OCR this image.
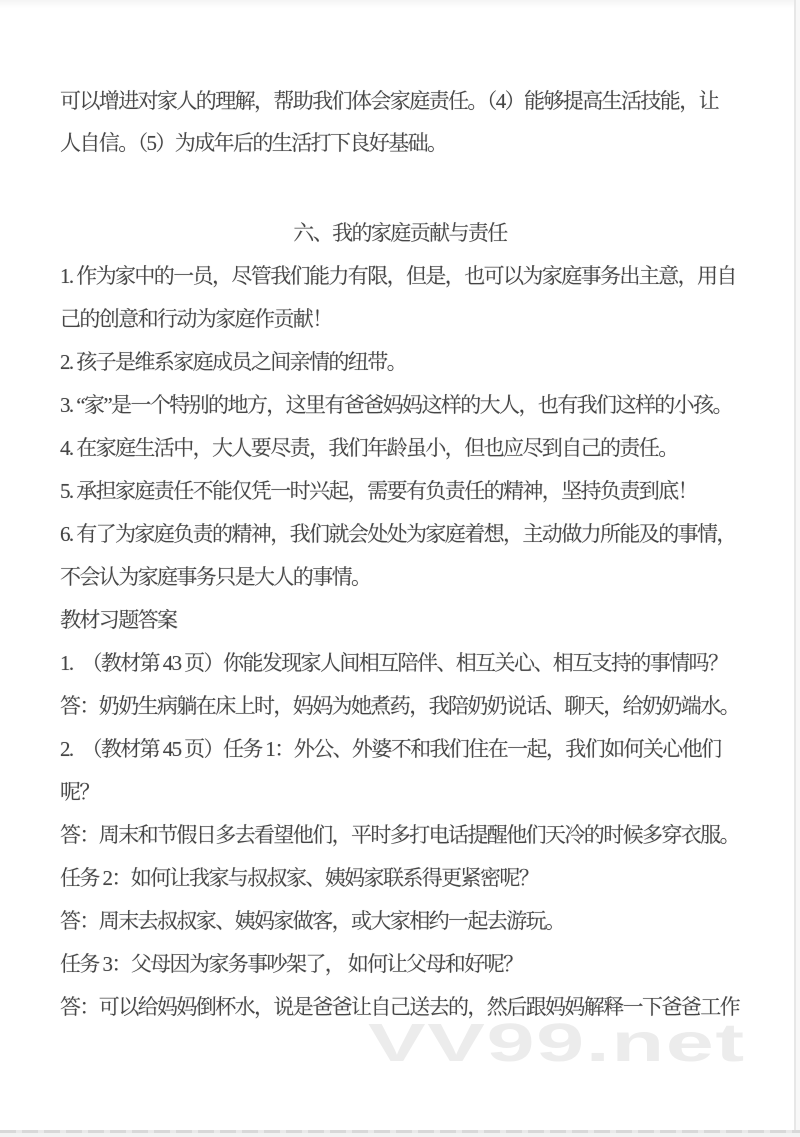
可以增进对家人的理解，帮助我们体会家庭责任。（4）能够提高生活技能，让
人自信。（5）为成年后的生活打下良好基础。
六、我的家庭贡献与责任
1. 作为家中的一员，尽管我们能力有限，但是，也可以为家庭事务出主意，用自
己的创意和行动为家庭作贡献！
2. 孩子是维系家庭成员之间亲情的纽带。
3. “家”是一个特别的地方，这里有爸爸妈妈这样的大人，也有我们这样的小孩。
4. 在家庭生活中，大人要尽责，我们年龄虽小，但也应尽到自己的责任。
5. 承担家庭责任不能仅凭一时兴起，需要有负责任的精神，坚持负责到底！
6. 有了为家庭负责的精神，我们就会处处为家庭着想，主动做力所能及的事情，
不会认为家庭事务只是大人的事情。
教材习题答案
1.　（教材第 43 页）你能发现家人间相互陪伴、相互关心、相互支持的事情吗？
答：奶奶生病躺在床上时，妈妈为她煮药，我陪奶奶说话、聊天，给奶奶端水。
2.　（教材第 45 页）任务 1：外公、外婆不和我们住在一起，我们如何关心他们
呢？
答：周末和节假日多去看望他们，平时多打电话提醒他们天冷的时候多穿衣服。
任务 2：如何让我家与叔叔家、姨妈家联系得更紧密呢？
答：周末去叔叔家、姨妈家做客，或大家相约一起去游玩。
任务 3：父母因为家务事吵架了， 如何让父母和好呢？
答：可以给妈妈倒杯水，说是爸爸让自己送去的，然后跟妈妈解释一下爸爸工作
VV99.net
